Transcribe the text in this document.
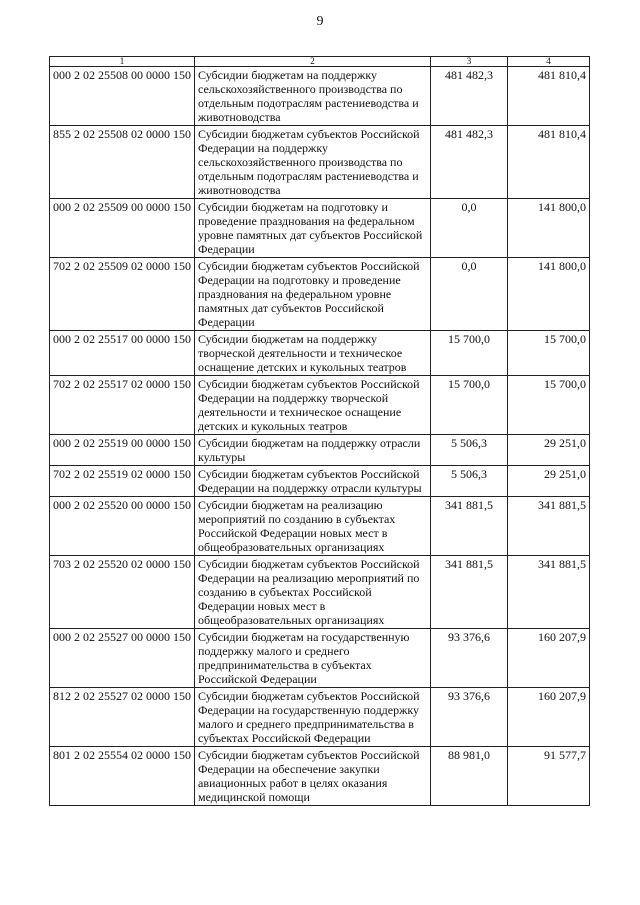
9
1	2	3	4
000 2 02 25508 00 0000 150	Субсидии бюджетам на поддержку сельскохозяйственного производства по отдельным подотраслям растениеводства и животноводства	481 482,3	481 810,4
855 2 02 25508 02 0000 150	Субсидии бюджетам субъектов Российской Федерации на поддержку сельскохозяйственного производства по отдельным подотраслям растениеводства и животноводства	481 482,3	481 810,4
000 2 02 25509 00 0000 150	Субсидии бюджетам на подготовку и проведение празднования на федеральном уровне памятных дат субъектов Российской Федерации	0,0	141 800,0
702 2 02 25509 02 0000 150	Субсидии бюджетам субъектов Российской Федерации на подготовку и проведение празднования на федеральном уровне памятных дат субъектов Российской Федерации	0,0	141 800,0
000 2 02 25517 00 0000 150	Субсидии бюджетам на поддержку творческой деятельности и техническое оснащение детских и кукольных театров	15 700,0	15 700,0
702 2 02 25517 02 0000 150	Субсидии бюджетам субъектов Российской Федерации на поддержку творческой деятельности и техническое оснащение детских и кукольных театров	15 700,0	15 700,0
000 2 02 25519 00 0000 150	Субсидии бюджетам на поддержку отрасли культуры	5 506,3	29 251,0
702 2 02 25519 02 0000 150	Субсидии бюджетам субъектов Российской Федерации на поддержку отрасли культуры	5 506,3	29 251,0
000 2 02 25520 00 0000 150	Субсидии бюджетам на реализацию мероприятий по созданию в субъектах Российской Федерации новых мест в общеобразовательных организациях	341 881,5	341 881,5
703 2 02 25520 02 0000 150	Субсидии бюджетам субъектов Российской Федерации на реализацию мероприятий по созданию в субъектах Российской Федерации новых мест в общеобразовательных организациях	341 881,5	341 881,5
000 2 02 25527 00 0000 150	Субсидии бюджетам на государственную поддержку малого и среднего предпринимательства в субъектах Российской Федерации	93 376,6	160 207,9
812 2 02 25527 02 0000 150	Субсидии бюджетам субъектов Российской Федерации на государственную поддержку малого и среднего предпринимательства в субъектах Российской Федерации	93 376,6	160 207,9
801 2 02 25554 02 0000 150	Субсидии бюджетам субъектов Российской Федерации на обеспечение закупки авиационных работ в целях оказания медицинской помощи	88 981,0	91 577,7
